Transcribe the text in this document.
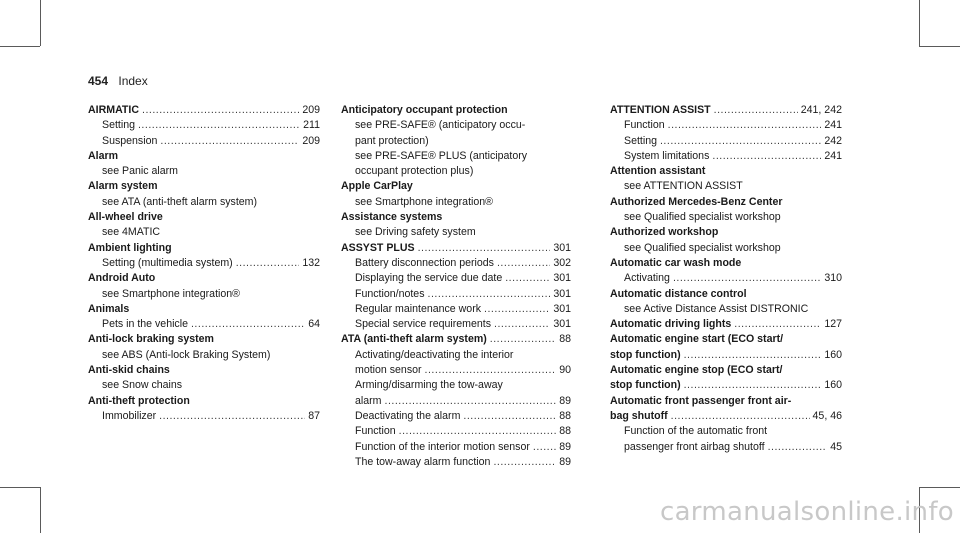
454 Index
AIRMATIC .....	209
Setting .....	211
Suspension .....	209
Alarm
see Panic alarm
Alarm system
see ATA (anti-theft alarm system)
All-wheel drive
see 4MATIC
Ambient lighting
Setting (multimedia system) .....	132
Android Auto
see Smartphone integration®
Animals
Pets in the vehicle .....	64
Anti-lock braking system
see ABS (Anti-lock Braking System)
Anti-skid chains
see Snow chains
Anti-theft protection
Immobilizer .....	87
Anticipatory occupant protection
see PRE-SAFE® (anticipatory occu-
pant protection)
see PRE-SAFE® PLUS (anticipatory
occupant protection plus)
Apple CarPlay
see Smartphone integration®
Assistance systems
see Driving safety system
ASSYST PLUS .....	301
Battery disconnection periods .....	302
Displaying the service due date .....	301
Function/notes .....	301
Regular maintenance work .....	301
Special service requirements .....	301
ATA (anti-theft alarm system) .....	88
Activating/deactivating the interior
motion sensor .....	90
Arming/disarming the tow-away
alarm .....	89
Deactivating the alarm .....	88
Function .....	88
Function of the interior motion sensor .....	89
The tow-away alarm function .....	89
ATTENTION ASSIST .....	241, 242
Function .....	241
Setting .....	242
System limitations .....	241
Attention assistant
see ATTENTION ASSIST
Authorized Mercedes-Benz Center
see Qualified specialist workshop
Authorized workshop
see Qualified specialist workshop
Automatic car wash mode
Activating .....	310
Automatic distance control
see Active Distance Assist DISTRONIC
Automatic driving lights .....	127
Automatic engine start (ECO start/
stop function) .....	160
Automatic engine stop (ECO start/
stop function) .....	160
Automatic front passenger front air-
bag shutoff .....	45, 46
Function of the automatic front
passenger front airbag shutoff .....	45
carmanualsonline.info
